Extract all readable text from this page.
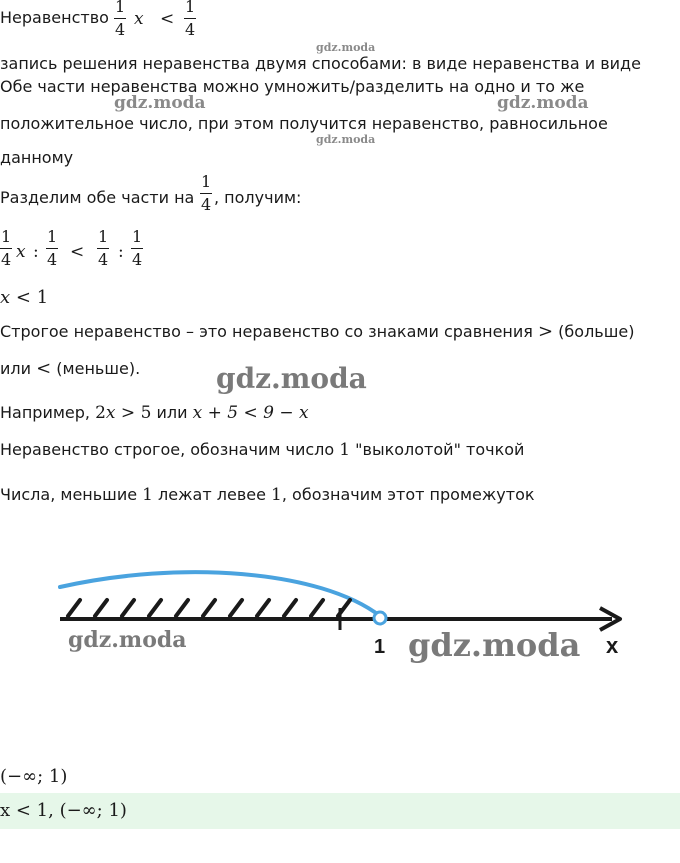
Неравенство
1
4
x <
1
4
запись решения неравенства двумя способами: в виде неравенства и виде
Обе части неравенства можно умножить/разделить на одно и то же
положительное число, при этом получится неравенство, равносильное
данному
Разделим обе части на
1
4 , получим:
1
4 x :
1
4 <
1
4 :
1
4
x < 1
Строгое неравенство – это неравенство со знаками сравнения > (больше)
или < (меньше).
Например, 2x > 5 или x + 5 < 9 − x
Неравенство строгое, обозначим число 1 "выколотой" точкой
Числа, меньшие 1 лежат левее 1, обозначим этот промежуток
1	x
(−∞; 1)
x < 1, (−∞; 1)
gdz.moda
gdz.moda	gdz.moda
gdz.moda
gdz.moda
gdz.moda	gdz.moda
